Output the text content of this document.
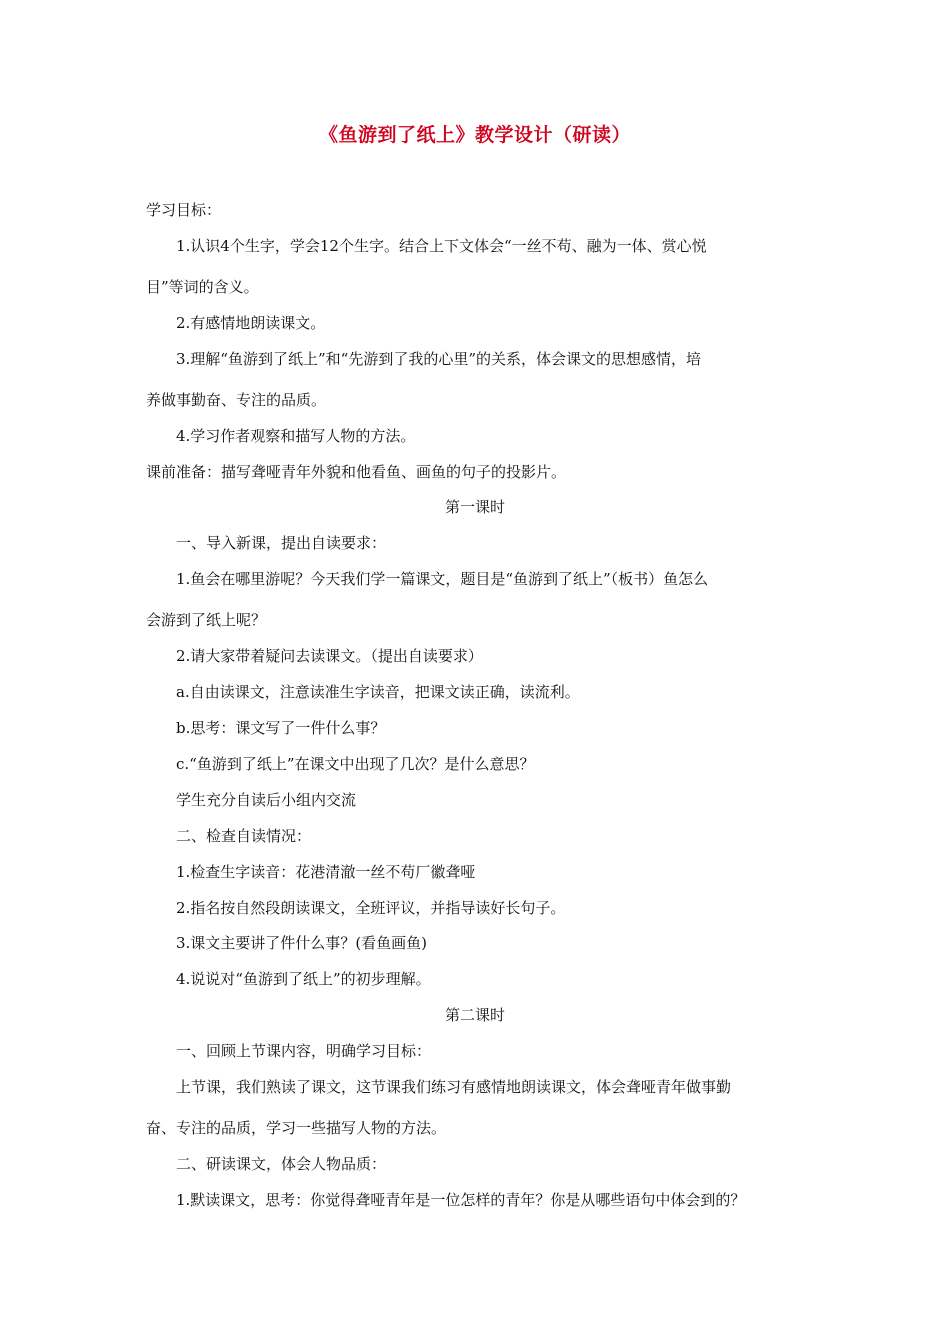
《鱼游到了纸上》教学设计（研读）
学习目标：
1.认识4个生字，学会12个生字。结合上下文体会“一丝不苟、融为一体、赏心悦
目”等词的含义。
2.有感情地朗读课文。
3.理解“鱼游到了纸上”和“先游到了我的心里”的关系，体会课文的思想感情，培
养做事勤奋、专注的品质。
4.学习作者观察和描写人物的方法。
课前准备：描写聋哑青年外貌和他看鱼、画鱼的句子的投影片。
第一课时
一、导入新课，提出自读要求：
1.鱼会在哪里游呢？今天我们学一篇课文，题目是“鱼游到了纸上”（板书）鱼怎么
会游到了纸上呢？
2.请大家带着疑问去读课文。（提出自读要求）
a.自由读课文，注意读准生字读音，把课文读正确，读流利。
b.思考：课文写了一件什么事？
c.“鱼游到了纸上”在课文中出现了几次？是什么意思？
学生充分自读后小组内交流
二、检查自读情况：
1.检查生字读音：花港清澈一丝不苟厂徽聋哑
2.指名按自然段朗读课文，全班评议，并指导读好长句子。
3.课文主要讲了件什么事？(看鱼画鱼)
4.说说对“鱼游到了纸上”的初步理解。
第二课时
一、回顾上节课内容，明确学习目标：
上节课，我们熟读了课文，这节课我们练习有感情地朗读课文，体会聋哑青年做事勤
奋、专注的品质，学习一些描写人物的方法。
二、研读课文，体会人物品质：
1.默读课文，思考：你觉得聋哑青年是一位怎样的青年？你是从哪些语句中体会到的？
